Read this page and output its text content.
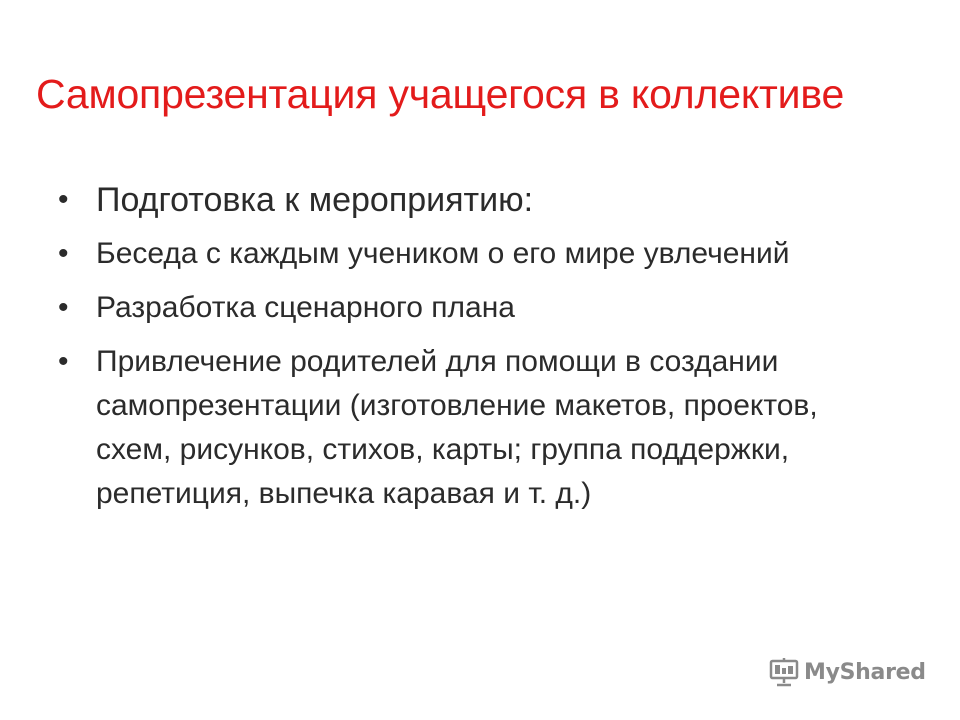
Самопрезентация учащегося в коллективе
• Подготовка к мероприятию:
• Беседа с каждым учеником о его мире увлечений
• Разработка сценарного плана
• Привлечение родителей для помощи в создании самопрезентации (изготовление макетов, проектов, схем, рисунков, стихов, карты; группа поддержки, репетиция, выпечка каравая и т. д.)
MyShared
